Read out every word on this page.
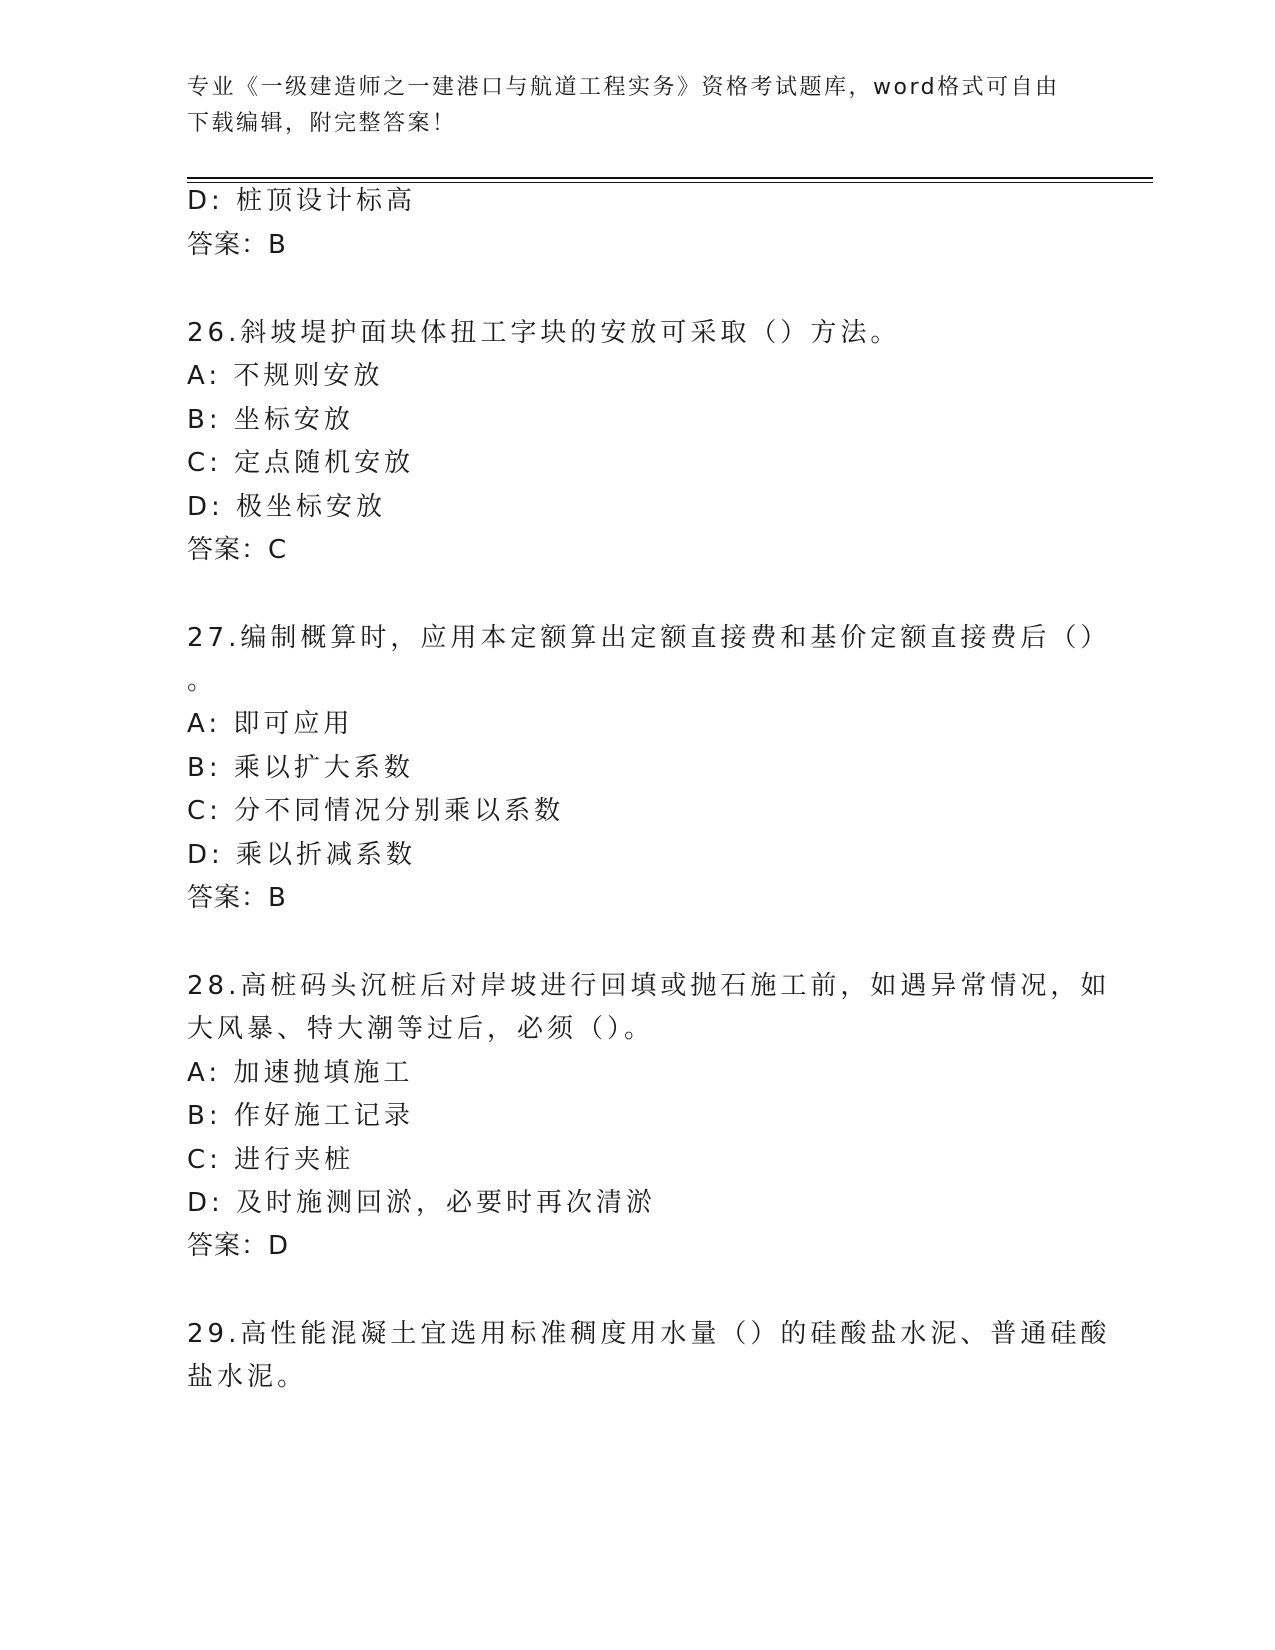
专业《一级建造师之一建港口与航道工程实务》资格考试题库，word格式可自由
下载编辑，附完整答案！
D: 桩顶设计标高
答案：B
26.斜坡堤护面块体扭工字块的安放可采取（）方法。
A: 不规则安放
B: 坐标安放
C: 定点随机安放
D: 极坐标安放
答案：C
27.编制概算时，应用本定额算出定额直接费和基价定额直接费后（）
。
A: 即可应用
B: 乘以扩大系数
C: 分不同情况分别乘以系数
D: 乘以折减系数
答案：B
28.高桩码头沉桩后对岸坡进行回填或抛石施工前，如遇异常情况，如
大风暴、特大潮等过后，必须（）。
A: 加速抛填施工
B: 作好施工记录
C: 进行夹桩
D: 及时施测回淤，必要时再次清淤
答案：D
29.高性能混凝土宜选用标准稠度用水量（）的硅酸盐水泥、普通硅酸
盐水泥。
